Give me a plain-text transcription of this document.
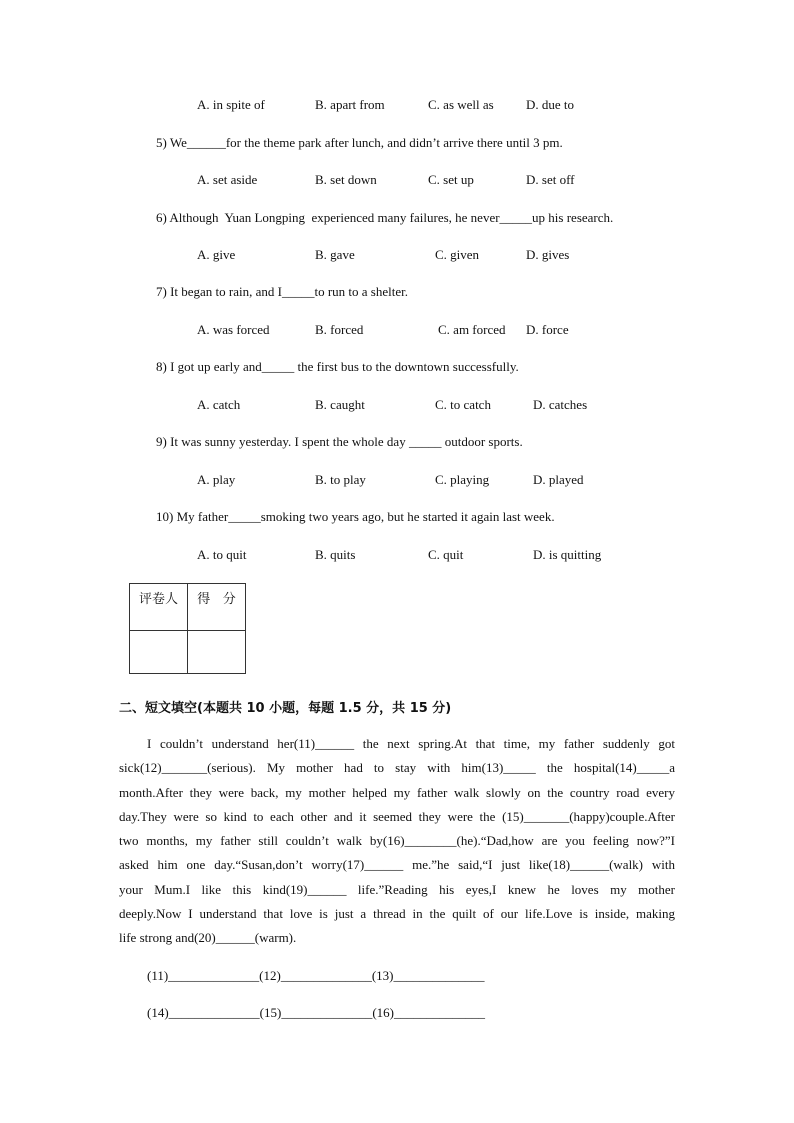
A. in spite of	B. apart from	C. as well as D. due to
5) We______for the theme park after lunch, and didn’t arrive there until 3 pm.
A. set aside	B. set down	C. set up	D. set off
6) Although  Yuan Longping  experienced many failures, he never_____up his research.
A. give	B. gave	C. given	D. gives
7) It began to rain, and I_____to run to a shelter.
A. was forced	B. forced	C. am forced D. force
8) I got up early and_____ the first bus to the downtown successfully.
A. catch	B. caught	C. to catch	D. catches
9) It was sunny yesterday. I spent the whole day _____ outdoor sports.
A. play	B. to play	C. playing	D. played
10) My father_____smoking two years ago, but he started it again last week.
A. to quit	B. quits	C. quit	D. is quitting
评卷人	得   分

二、短文填空(本题共 10 小题，每题 1.5 分，共 15 分)
I couldn’t understand her(11)______ the next spring.At that time, my father suddenly got
sick(12)_______(serious). My mother had to stay with him(13)_____ the hospital(14)_____a
month.After they were back, my mother helped my father walk slowly on the country road every
day.They were so kind to each other and it seemed they were the (15)_______(happy)couple.After
two months, my father still couldn’t walk by(16)________(he).“Dad,how are you feeling now?”I
asked him one day.“Susan,don’t worry(17)______ me.”he said,“I just like(18)______(walk) with
your Mum.I like this kind(19)______ life.”Reading his eyes,I knew he loves my mother
deeply.Now I understand that love is just a thread in the quilt of our life.Love is inside, making
life strong and(20)______(warm).
(11)______________(12)______________(13)______________
(14)______________(15)______________(16)______________
